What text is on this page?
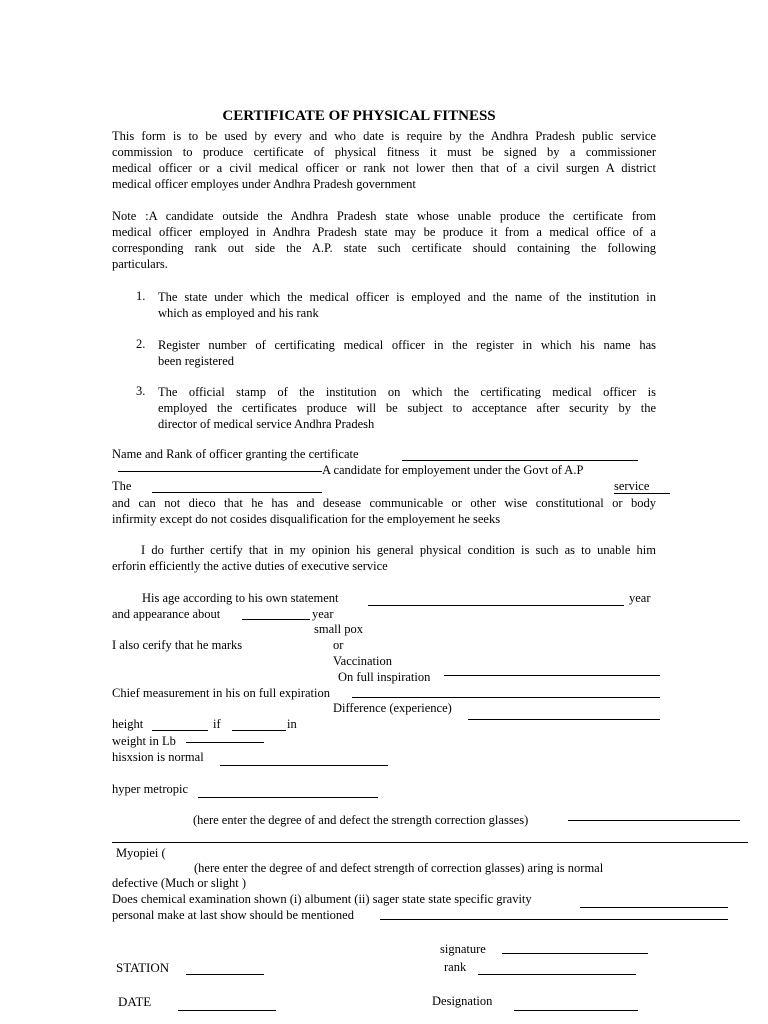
CERTIFICATE OF PHYSICAL FITNESS
This form is to be used by every and who date is require by the Andhra Pradesh public service
commission to produce certificate of physical fitness it must be signed by a commissioner
medical officer or a civil medical officer or rank not lower then that of a civil surgen A district
medical officer employes under Andhra Pradesh government
Note :A candidate outside the Andhra Pradesh state whose unable produce the certificate from
medical officer employed in Andhra Pradesh state may be produce it from a medical office of a
corresponding rank out side the A.P. state such certificate should containing the following
particulars.
1. The state under which the medical officer is employed and the name of the institution in
which as employed and his rank
2. Register number of certificating medical officer in the register in which his name has
been registered
3. The official stamp of the institution on which the certificating medical officer is
employed the certificates produce will be subject to acceptance after security by the
director of medical service Andhra Pradesh
Name and Rank of officer granting the certificate
A candidate for employement under the Govt of A.P
The	service
and can not dieco that he has and desease communicable or other wise constitutional or body
infirmity except do not cosides disqualification for the employement he seeks
I do further certify that in my opinion his general physical condition is such as to unable him
erforin efficiently the active duties of executive service
His age according to his own statement	year
and appearance about	year
small pox
I also cerify that he marks	or
Vaccination
On full inspiration
Chief measurement in his on full expiration
Difference (experience)
height	if	in
weight in Lb
hisxsion is normal
hyper metropic
(here enter the degree of and defect the strength correction glasses)
Myopiei (
(here enter the degree of and defect strength of correction glasses) aring is normal
defective (Much or slight )
Does chemical examination shown (i) albument (ii) sager state state specific gravity
personal make at last show should be mentioned
signature
STATION	rank
DATE	Designation
